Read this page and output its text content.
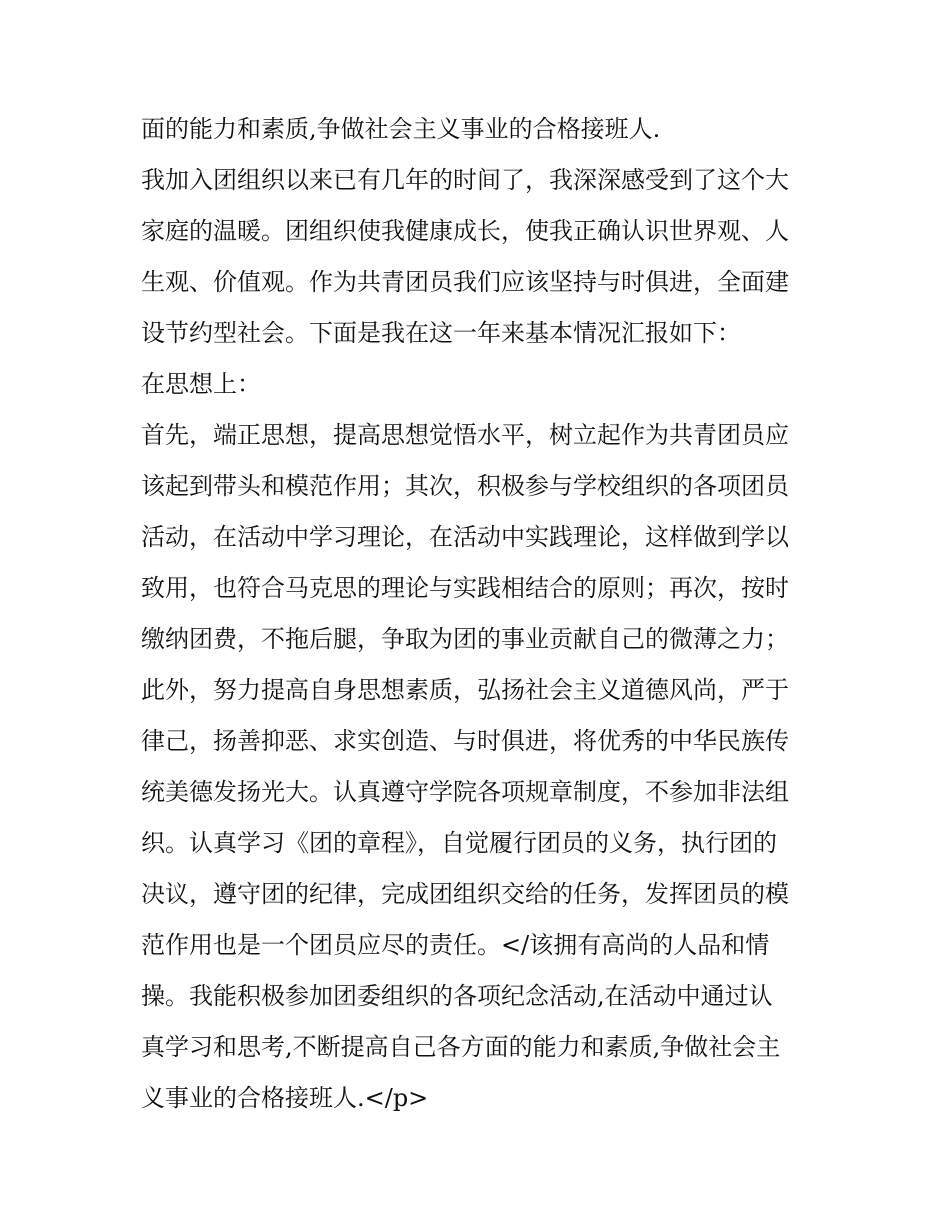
面的能力和素质,争做社会主义事业的合格接班人.
我加入团组织以来已有几年的时间了，我深深感受到了这个大
家庭的温暖。团组织使我健康成长，使我正确认识世界观、人
生观、价值观。作为共青团员我们应该坚持与时俱进，全面建
设节约型社会。下面是我在这一年来基本情况汇报如下：
在思想上：
首先，端正思想，提高思想觉悟水平，树立起作为共青团员应
该起到带头和模范作用；其次，积极参与学校组织的各项团员
活动，在活动中学习理论，在活动中实践理论，这样做到学以
致用，也符合马克思的理论与实践相结合的原则；再次，按时
缴纳团费，不拖后腿，争取为团的事业贡献自己的微薄之力；
此外，努力提高自身思想素质，弘扬社会主义道德风尚，严于
律己，扬善抑恶、求实创造、与时俱进，将优秀的中华民族传
统美德发扬光大。认真遵守学院各项规章制度，不参加非法组
织。认真学习《团的章程》，自觉履行团员的义务，执行团的
决议，遵守团的纪律，完成团组织交给的任务，发挥团员的模
范作用也是一个团员应尽的责任。</该拥有高尚的人品和情
操。我能积极参加团委组织的各项纪念活动,在活动中通过认
真学习和思考,不断提高自己各方面的能力和素质,争做社会主
义事业的合格接班人.</p>
